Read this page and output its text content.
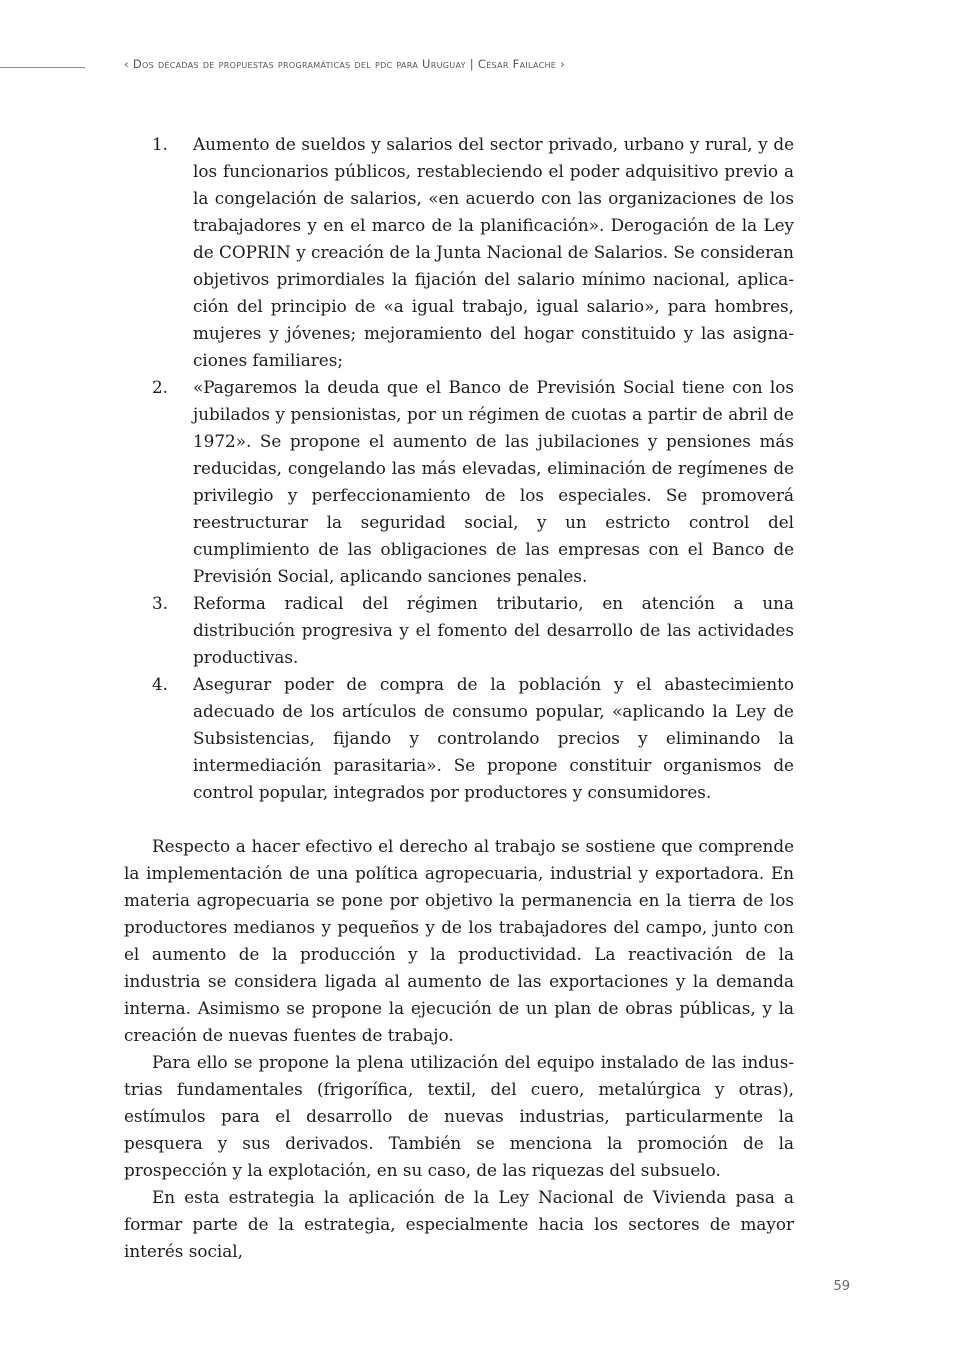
‹ Dos décadas de propuestas programáticas del pdc para Uruguay | César Failache ›
1. Aumento de sueldos y salarios del sector privado, urbano y rural, y de los funcionarios públicos, restableciendo el poder adquisitivo previo a la congelación de salarios, «en acuerdo con las organizaciones de los trabajadores y en el marco de la planificación». Derogación de la Ley de COPRIN y creación de la Junta Nacional de Salarios. Se consideran objetivos primordiales la fijación del salario mínimo nacional, aplicación del principio de «a igual trabajo, igual salario», para hombres, mujeres y jóvenes; mejoramiento del hogar constituido y las asignaciones familiares;
2. «Pagaremos la deuda que el Banco de Previsión Social tiene con los jubilados y pensionistas, por un régimen de cuotas a partir de abril de 1972». Se propone el aumento de las jubilaciones y pensiones más reducidas, congelando las más elevadas, eliminación de regímenes de privilegio y perfeccionamiento de los especiales. Se promoverá reestructurar la seguridad social, y un estricto control del cumplimiento de las obligaciones de las empresas con el Banco de Previsión Social, aplicando sanciones penales.
3. Reforma radical del régimen tributario, en atención a una distribución progresiva y el fomento del desarrollo de las actividades productivas.
4. Asegurar poder de compra de la población y el abastecimiento adecuado de los artículos de consumo popular, «aplicando la Ley de Subsistencias, fijando y controlando precios y eliminando la intermediación parasitaria». Se propone constituir organismos de control popular, integrados por productores y consumidores.

Respecto a hacer efectivo el derecho al trabajo se sostiene que comprende la implementación de una política agropecuaria, industrial y exportadora. En materia agropecuaria se pone por objetivo la permanencia en la tierra de los productores medianos y pequeños y de los trabajadores del campo, junto con el aumento de la producción y la productividad. La reactivación de la industria se considera ligada al aumento de las exportaciones y la demanda interna. Asimismo se propone la ejecución de un plan de obras públicas, y la creación de nuevas fuentes de trabajo.

Para ello se propone la plena utilización del equipo instalado de las industrias fundamentales (frigorífica, textil, del cuero, metalúrgica y otras), estímulos para el desarrollo de nuevas industrias, particularmente la pesquera y sus derivados. También se menciona la promoción de la prospección y la explotación, en su caso, de las riquezas del subsuelo.

En esta estrategia la aplicación de la Ley Nacional de Vivienda pasa a formar parte de la estrategia, especialmente hacia los sectores de mayor interés social,

59
